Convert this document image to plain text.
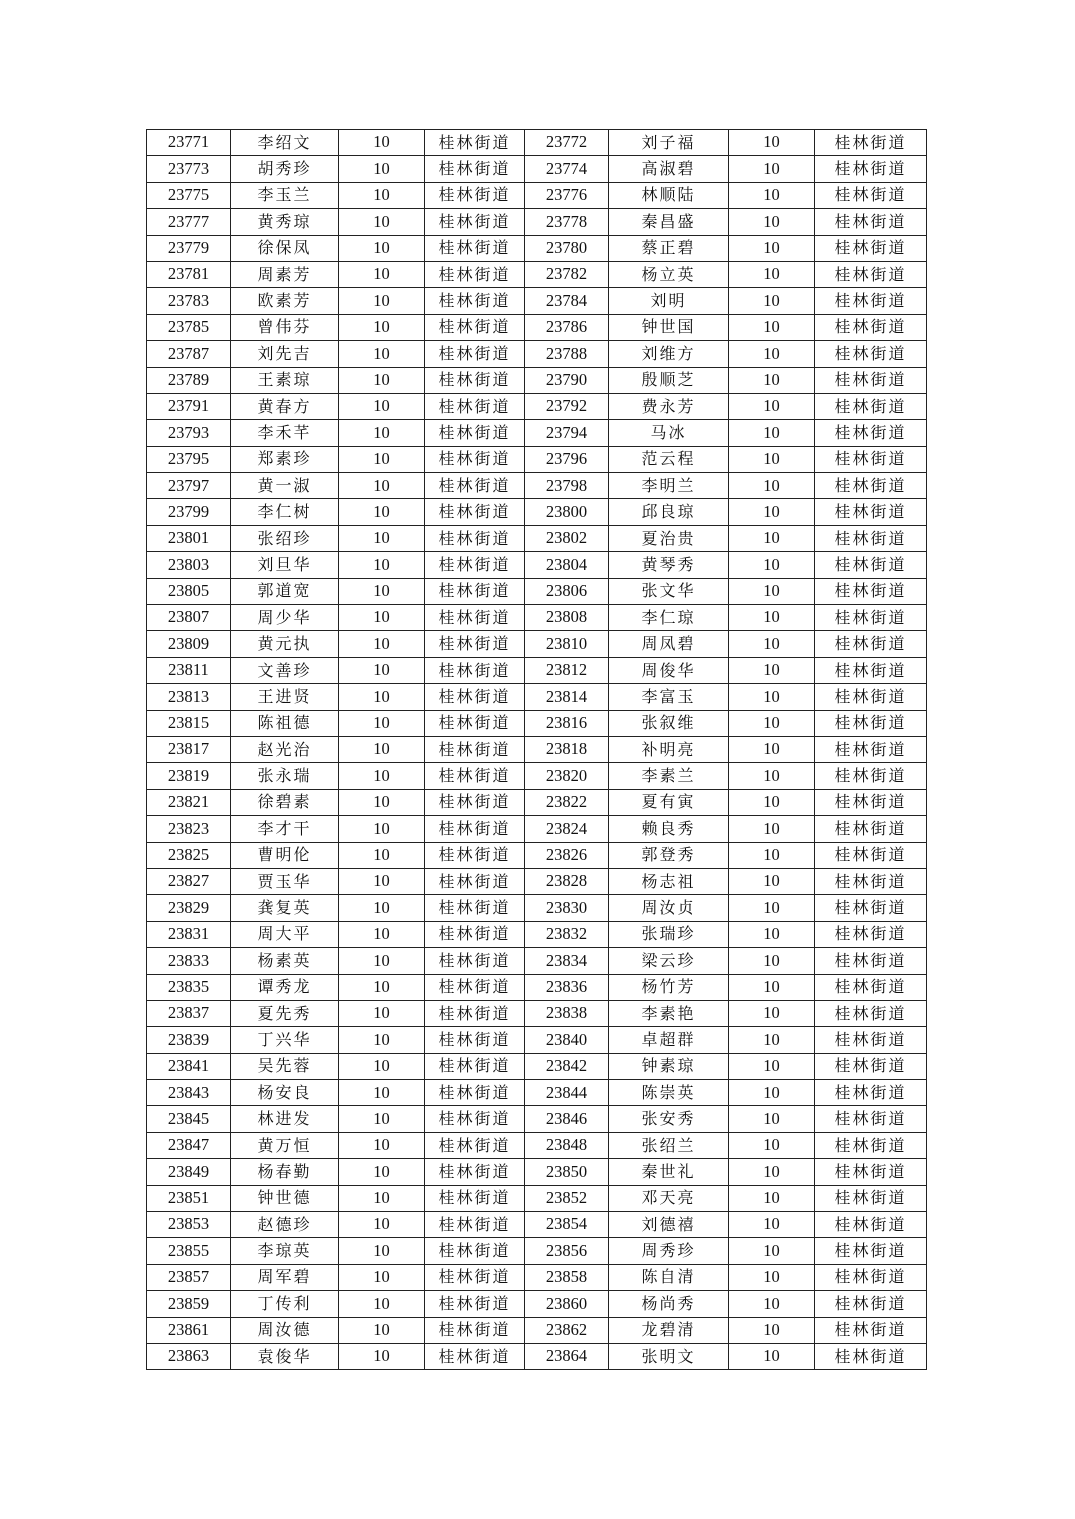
23771	李绍文	10	桂林街道	23772	刘子福	10	桂林街道
23773	胡秀珍	10	桂林街道	23774	高淑碧	10	桂林街道
23775	李玉兰	10	桂林街道	23776	林顺陆	10	桂林街道
23777	黄秀琼	10	桂林街道	23778	秦昌盛	10	桂林街道
23779	徐保凤	10	桂林街道	23780	蔡正碧	10	桂林街道
23781	周素芳	10	桂林街道	23782	杨立英	10	桂林街道
23783	欧素芳	10	桂林街道	23784	刘明	10	桂林街道
23785	曾伟芬	10	桂林街道	23786	钟世国	10	桂林街道
23787	刘先吉	10	桂林街道	23788	刘维方	10	桂林街道
23789	王素琼	10	桂林街道	23790	殷顺芝	10	桂林街道
23791	黄春方	10	桂林街道	23792	费永芳	10	桂林街道
23793	李禾芊	10	桂林街道	23794	马冰	10	桂林街道
23795	郑素珍	10	桂林街道	23796	范云程	10	桂林街道
23797	黄一淑	10	桂林街道	23798	李明兰	10	桂林街道
23799	李仁树	10	桂林街道	23800	邱良琼	10	桂林街道
23801	张绍珍	10	桂林街道	23802	夏治贵	10	桂林街道
23803	刘旦华	10	桂林街道	23804	黄琴秀	10	桂林街道
23805	郭道宽	10	桂林街道	23806	张文华	10	桂林街道
23807	周少华	10	桂林街道	23808	李仁琼	10	桂林街道
23809	黄元执	10	桂林街道	23810	周凤碧	10	桂林街道
23811	文善珍	10	桂林街道	23812	周俊华	10	桂林街道
23813	王进贤	10	桂林街道	23814	李富玉	10	桂林街道
23815	陈祖德	10	桂林街道	23816	张叙维	10	桂林街道
23817	赵光治	10	桂林街道	23818	补明亮	10	桂林街道
23819	张永瑞	10	桂林街道	23820	李素兰	10	桂林街道
23821	徐碧素	10	桂林街道	23822	夏有寅	10	桂林街道
23823	李才干	10	桂林街道	23824	赖良秀	10	桂林街道
23825	曹明伦	10	桂林街道	23826	郭登秀	10	桂林街道
23827	贾玉华	10	桂林街道	23828	杨志祖	10	桂林街道
23829	龚复英	10	桂林街道	23830	周汝贞	10	桂林街道
23831	周大平	10	桂林街道	23832	张瑞珍	10	桂林街道
23833	杨素英	10	桂林街道	23834	梁云珍	10	桂林街道
23835	谭秀龙	10	桂林街道	23836	杨竹芳	10	桂林街道
23837	夏先秀	10	桂林街道	23838	李素艳	10	桂林街道
23839	丁兴华	10	桂林街道	23840	卓超群	10	桂林街道
23841	吴先蓉	10	桂林街道	23842	钟素琼	10	桂林街道
23843	杨安良	10	桂林街道	23844	陈崇英	10	桂林街道
23845	林进发	10	桂林街道	23846	张安秀	10	桂林街道
23847	黄万恒	10	桂林街道	23848	张绍兰	10	桂林街道
23849	杨春勤	10	桂林街道	23850	秦世礼	10	桂林街道
23851	钟世德	10	桂林街道	23852	邓天亮	10	桂林街道
23853	赵德珍	10	桂林街道	23854	刘德禧	10	桂林街道
23855	李琼英	10	桂林街道	23856	周秀珍	10	桂林街道
23857	周军碧	10	桂林街道	23858	陈自清	10	桂林街道
23859	丁传利	10	桂林街道	23860	杨尚秀	10	桂林街道
23861	周汝德	10	桂林街道	23862	龙碧清	10	桂林街道
23863	袁俊华	10	桂林街道	23864	张明文	10	桂林街道
